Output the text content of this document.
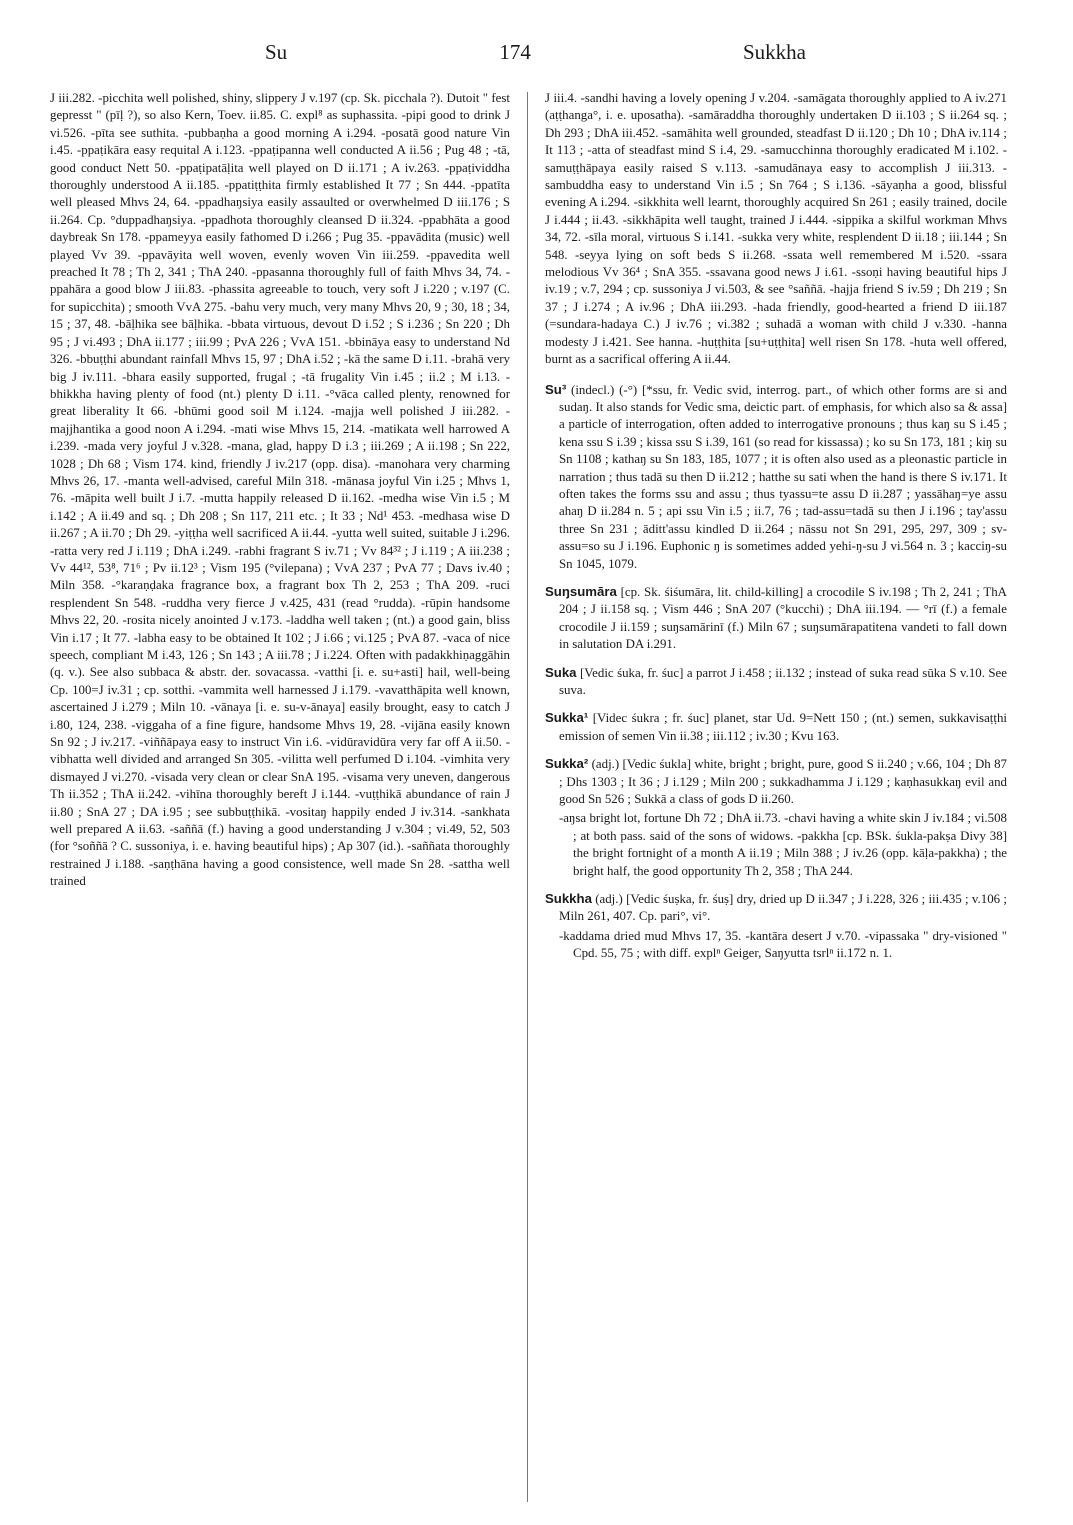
Su	174	Sukkha

J iii.282. -picchita well polished, shiny, slippery J v.197 (cp. Sk. picchala ?). Dutoit " fest gepresst " (pīḷ ?), so also Kern, Toev. ii.85. C. expl⁸ as suphassita. -pipi good to drink J vi.526. -pīta see suthita. -pubbaṇha a good morning A i.294. -posatā good nature Vin i.45. -ppaṭikāra easy requital A i.123. -ppaṭipanna well conducted A ii.56 ; Pug 48 ; -tā, good conduct Nett 50. -ppaṭipatāḷita well played on D ii.171 ; A iv.263. -ppaṭividdha thoroughly understood A ii.185. -ppatiṭṭhita firmly established It 77 ; Sn 444. -ppatīta well pleased Mhvs 24, 64. -ppadhaŋsiya easily assaulted or overwhelmed D iii.176 ; S ii.264. Cp. °duppadhaŋsiya. -ppadhota thoroughly cleansed D ii.324. -ppabhāta a good daybreak Sn 178. -ppameyya easily fathomed D i.266 ; Pug 35. -ppavādita (music) well played Vv 39. -ppavāyita well woven, evenly woven Vin iii.259. -ppavedita well preached It 78 ; Th 2, 341 ; ThA 240. -ppasanna thoroughly full of faith Mhvs 34, 74. -ppahāra a good blow J iii.83. -phassita agreeable to touch, very soft J i.220 ; v.197 (C. for supicchita) ; smooth VvA 275. -bahu very much, very many Mhvs 20, 9 ; 30, 18 ; 34, 15 ; 37, 48. -bāḷhika see bāḷhika. -bbata virtuous, devout D i.52 ; S i.236 ; Sn 220 ; Dh 95 ; J vi.493 ; DhA ii.177 ; iii.99 ; PvA 226 ; VvA 151. -bbināya easy to understand Nd 326. -bbuṭṭhi abundant rainfall Mhvs 15, 97 ; DhA i.52 ; -kā the same D i.11. -brahā very big J iv.111. -bhara easily supported, frugal ; -tā frugality Vin i.45 ; ii.2 ; M i.13. -bhikkha having plenty of food (nt.) plenty D i.11. -°vāca called plenty, renowned for great liberality It 66. -bhūmi good soil M i.124. -majja well polished J iii.282. -majjhantika a good noon A i.294. -mati wise Mhvs 15, 214. -matikata well harrowed A i.239. -mada very joyful J v.328. -mana, glad, happy D i.3 ; iii.269 ; A ii.198 ; Sn 222, 1028 ; Dh 68 ; Vism 174. kind, friendly J iv.217 (opp. disa). -manohara very charming Mhvs 26, 17. -manta well-advised, careful Miln 318. -mānasa joyful Vin i.25 ; Mhvs 1, 76. -māpita well built J i.7. -mutta happily released D ii.162. -medha wise Vin i.5 ; M i.142 ; A ii.49 and sq. ; Dh 208 ; Sn 117, 211 etc. ; It 33 ; Nd¹ 453. -medhasa wise D ii.267 ; A ii.70 ; Dh 29. -yiṭṭha well sacrificed A ii.44. -yutta well suited, suitable J i.296. -ratta very red J i.119 ; DhA i.249. -rabhi fragrant S iv.71 ; Vv 84³² ; J i.119 ; A iii.238 ; Vv 44¹², 53⁸, 71⁶ ; Pv ii.12³ ; Vism 195 (°vilepana) ; VvA 237 ; PvA 77 ; Davs iv.40 ; Miln 358. -°karaṇḍaka fragrance box, a fragrant box Th 2, 253 ; ThA 209. -ruci resplendent Sn 548. -ruddha very fierce J v.425, 431 (read °rudda). -rūpin handsome Mhvs 22, 20. -rosita nicely anointed J v.173. -laddha well taken ; (nt.) a good gain, bliss Vin i.17 ; It 77. -labha easy to be obtained It 102 ; J i.66 ; vi.125 ; PvA 87. -vaca of nice speech, compliant M i.43, 126 ; Sn 143 ; A iii.78 ; J i.224. Often with padakkhiṇaggāhin (q. v.). See also subbaca & abstr. der. sovacassa. -vatthi [i. e. su+asti] hail, well-being Cp. 100=J iv.31 ; cp. sotthi. -vammita well harnessed J i.179. -vavatthāpita well known, ascertained J i.279 ; Miln 10. -vānaya [i. e. su-v-ānaya] easily brought, easy to catch J i.80, 124, 238. -viggaha of a fine figure, handsome Mhvs 19, 28. -vijāna easily known Sn 92 ; J iv.217. -viññāpaya easy to instruct Vin i.6. -vidūravidūra very far off A ii.50. -vibhatta well divided and arranged Sn 305. -vilitta well perfumed D i.104. -vimhita very dismayed J vi.270. -visada very clean or clear SnA 195. -visama very uneven, dangerous Th ii.352 ; ThA ii.242. -vihīna thoroughly bereft J i.144. -vuṭṭhikā abundance of rain J ii.80 ; SnA 27 ; DA i.95 ; see subbuṭṭhikā. -vositaŋ happily ended J iv.314. -sankhata well prepared A ii.63. -saññā (f.) having a good understanding J v.304 ; vi.49, 52, 503 (for °soññā ? C. sussoniya, i. e. having beautiful hips) ; Ap 307 (id.). -saññata thoroughly restrained J i.188. -saṇṭhāna having a good consistence, well made Sn 28. -sattha well trained

J iii.4. -sandhi having a lovely opening J v.204. -samāgata thoroughly applied to A iv.271 (aṭṭhanga°, i. e. uposatha). -samāraddha thoroughly undertaken D ii.103 ; S ii.264 sq. ; Dh 293 ; DhA iii.452. -samāhita well grounded, steadfast D ii.120 ; Dh 10 ; DhA iv.114 ; It 113 ; -atta of steadfast mind S i.4, 29. -samucchinna thoroughly eradicated M i.102. -samuṭṭhāpaya easily raised S v.113. -samudānaya easy to accomplish J iii.313. -sambuddha easy to understand Vin i.5 ; Sn 764 ; S i.136. -sāyaṇha a good, blissful evening A i.294. -sikkhita well learnt, thoroughly acquired Sn 261 ; easily trained, docile J i.444 ; ii.43. -sikkhāpita well taught, trained J i.444. -sippika a skilful workman Mhvs 34, 72. -sīla moral, virtuous S i.141. -sukka very white, resplendent D ii.18 ; iii.144 ; Sn 548. -seyya lying on soft beds S ii.268. -ssata well remembered M i.520. -ssara melodious Vv 36⁴ ; SnA 355. -ssavana good news J i.61. -ssoṇi having beautiful hips J iv.19 ; v.7, 294 ; cp. sussoniya J vi.503, & see °saññā. -hajja friend S iv.59 ; Dh 219 ; Sn 37 ; J i.274 ; A iv.96 ; DhA iii.293. -hada friendly, good-hearted a friend D iii.187 (=sundara-hadaya C.) J iv.76 ; vi.382 ; suhadā a woman with child J v.330. -hanna modesty J i.421. See hanna. -huṭṭhita [su+uṭṭhita] well risen Sn 178. -huta well offered, burnt as a sacrifical offering A ii.44.

Su³ (indecl.) (-°) [*ssu, fr. Vedic svid, interrog. part., of which other forms are si and sudaŋ. It also stands for Vedic sma, deictic part. of emphasis, for which also sa & assa] a particle of interrogation, often added to interrogative pronouns ; thus kaŋ su S i.45 ; kena ssu S i.39 ; kissa ssu S i.39, 161 (so read for kissassa) ; ko su Sn 173, 181 ; kiŋ su Sn 1108 ; kathaŋ su Sn 183, 185, 1077 ; it is often also used as a pleonastic particle in narration ; thus tadā su then D ii.212 ; hatthe su sati when the hand is there S iv.171. It often takes the forms ssu and assu ; thus tyassu=te assu D ii.287 ; yassāhaŋ=ye assu ahaŋ D ii.284 n. 5 ; api ssu Vin i.5 ; ii.7, 76 ; tad-assu=tadā su then J i.196 ; tay'assu three Sn 231 ; āditt'assu kindled D ii.264 ; nāssu not Sn 291, 295, 297, 309 ; sv-assu=so su J i.196. Euphonic ŋ is sometimes added yehi-ŋ-su J vi.564 n. 3 ; kacciŋ-su Sn 1045, 1079.

Suŋsumāra [cp. Sk. śiśumāra, lit. child-killing] a crocodile S iv.198 ; Th 2, 241 ; ThA 204 ; J ii.158 sq. ; Vism 446 ; SnA 207 (°kucchi) ; DhA iii.194. — °rī (f.) a female crocodile J ii.159 ; suŋsamārinī (f.) Miln 67 ; suŋsumārapatitena vandeti to fall down in salutation DA i.291.

Suka [Vedic śuka, fr. śuc] a parrot J i.458 ; ii.132 ; instead of suka read sūka S v.10. See suva.

Sukka¹ [Videc śukra ; fr. śuc] planet, star Ud. 9=Nett 150 ; (nt.) semen, sukkavisaṭṭhi emission of semen Vin ii.38 ; iii.112 ; iv.30 ; Kvu 163.

Sukka² (adj.) [Vedic śukla] white, bright ; bright, pure, good S ii.240 ; v.66, 104 ; Dh 87 ; Dhs 1303 ; It 36 ; J i.129 ; Miln 200 ; sukkadhamma J i.129 ; kaṇhasukkaŋ evil and good Sn 526 ; Sukkā a class of gods D ii.260.

-aŋsa bright lot, fortune Dh 72 ; DhA ii.73. -chavi having a white skin J iv.184 ; vi.508 ; at both pass. said of the sons of widows. -pakkha [cp. BSk. śukla-pakṣa Divy 38] the bright fortnight of a month A ii.19 ; Miln 388 ; J iv.26 (opp. kāḷa-pakkha) ; the bright half, the good opportunity Th 2, 358 ; ThA 244.

Sukkha (adj.) [Vedic śuṣka, fr. śuṣ] dry, dried up D ii.347 ; J i.228, 326 ; iii.435 ; v.106 ; Miln 261, 407. Cp. pari°, vi°.

-kaddama dried mud Mhvs 17, 35. -kantāra desert J v.70. -vipassaka " dry-visioned " Cpd. 55, 75 ; with diff. explⁿ Geiger, Saŋyutta tsrlⁿ ii.172 n. 1.
